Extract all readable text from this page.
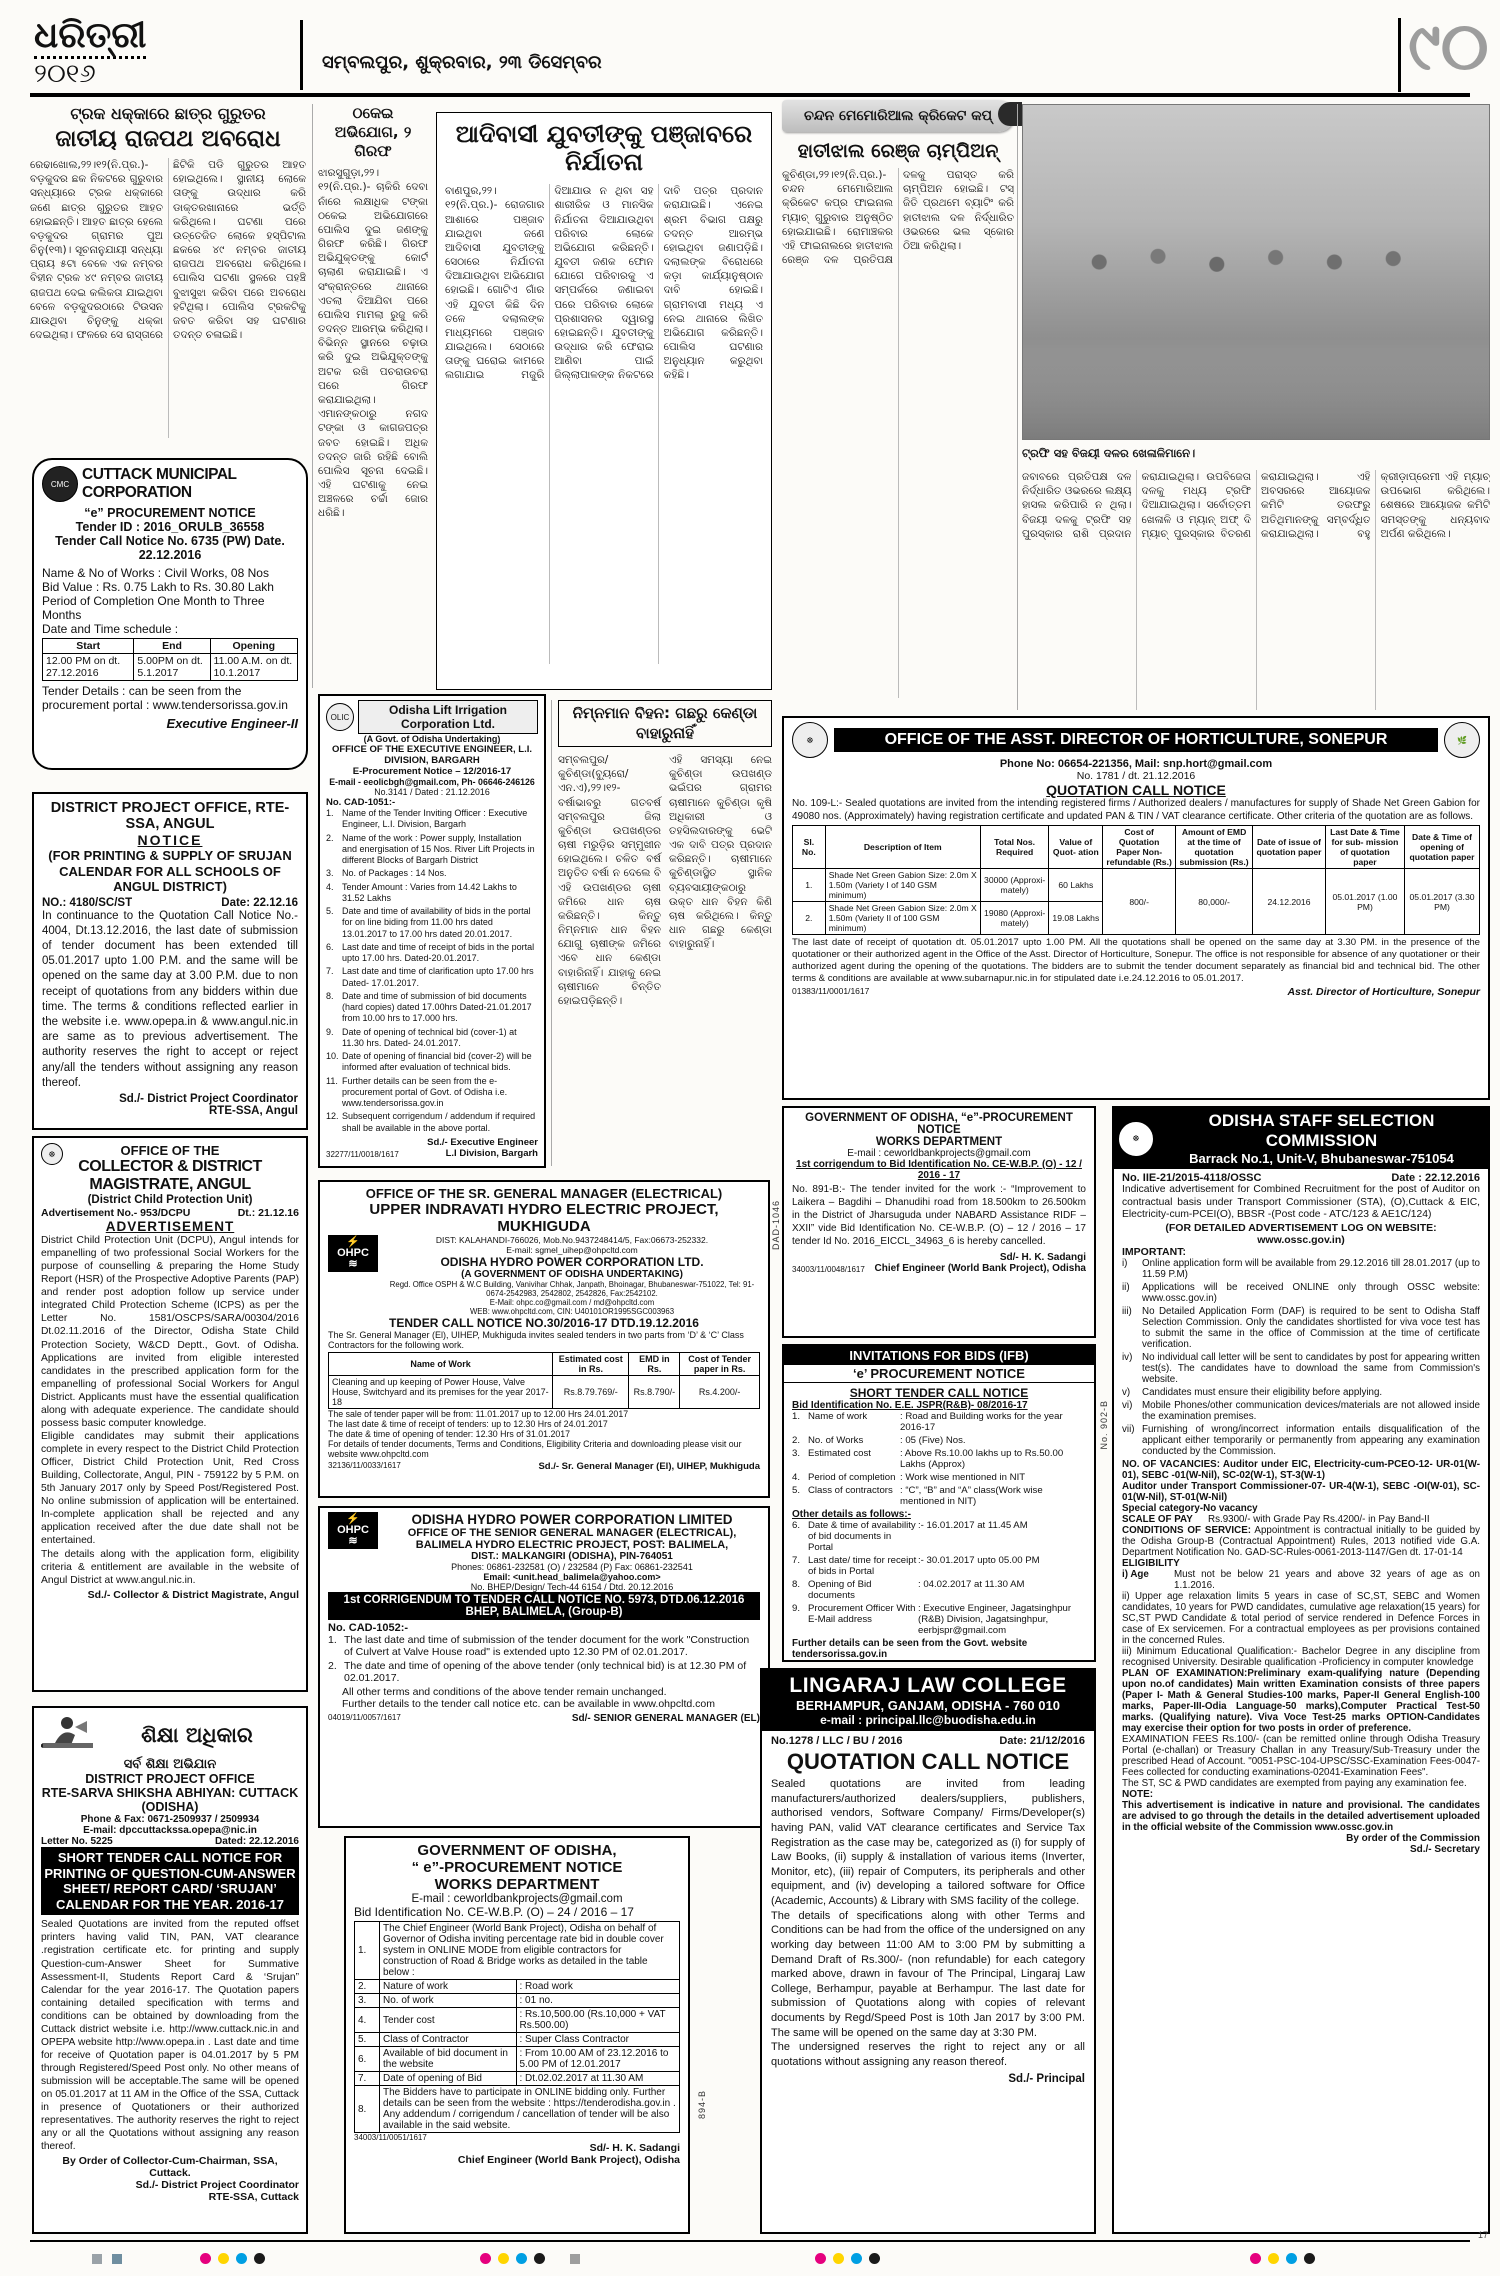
ଧରିତ୍ରୀ
୨୦୧୬	ସମ୍ବଲପୁର, ଶୁକ୍ରବାର, ୨୩ ଡିସେମ୍ବର	୯୦
ଟ୍ରକ ଧକ୍କାରେ ଛାତ୍ର ଗୁରୁତର
ଜାତୀୟ ରାଜପଥ ଅବରୋଧ
ରେଢାଖୋଲ,୨୨।୧୨(ନି.ପ୍ର.)- ବଡ଼କୁଦର ଛକ ନିକଟରେ ଗୁରୁବାର ସନ୍ଧ୍ୟାରେ ଟ୍ରକ ଧକ୍କାରେ ଜଣେ ଛାତ୍ର ଗୁରୁତର ଆହତ ହୋଇଛନ୍ତି। ଆହତ ଛାତ୍ର ହେଲେ ବଡ଼କୁଦର ଗ୍ରାମର ପୁଅ ଚିନୁ(୧୩)। ସୂଚନାନୁଯାୟୀ ସନ୍ଧ୍ୟା ପ୍ରାୟ ୫ଟା ବେଳେ ଏକ ନମ୍ବର ବିହୀନ ଟ୍ରକ ୪୯ ନମ୍ବର ଜାତୀୟ ରାଜପଥ ଦେଇ କଲିକତା ଯାଇଥିବା ବେଳେ ବଡ଼କୁଦରଠାରେ ଟିଉସନ ଯାଉଥିବା ଚିନୁଙ୍କୁ ଧକ୍କା ଦେଇଥିଲା। ଫଳରେ ସେ ରାସ୍ତାରେ ଛିଟିକି ପଡି ଗୁରୁତର ଆହତ ହୋଇଥିଲେ। ସ୍ଥାନୀୟ ଲୋକେ ତାଙ୍କୁ ଉଦ୍ଧାର କରି ଡାକ୍ତରଖାନାରେ ଭର୍ତ୍ତି କରିଥିଲେ। ଘଟଣା ପରେ ଉତ୍ତେଜିତ ଲୋକେ ହସ୍ପିଟାଲ ଛକରେ ୪୯ ନମ୍ବର ଜାତୀୟ ରାଜପଥ ଅବରୋଧ କରିଥିଲେ। ପୋଲିସ ଘଟଣା ସ୍ଥଳରେ ପହଞ୍ଚି ବୁଝାସୁଝା କରିବା ପରେ ଅବରୋଧ ହଟିଥିଲା। ପୋଲିସ ଟ୍ରକଟିକୁ ଜବତ କରିବା ସହ ଘଟଣାର ତଦନ୍ତ ଚଳାଇଛି।
ଠକେଇ ଅଭିଯୋଗ, ୨ ଗିରଫ
ଝାରସୁଗୁଡ଼ା,୨୨।୧୨(ନି.ପ୍ର.)- ଚାକିରି ଦେବା ନାଁରେ ଲକ୍ଷାଧିକ ଟଙ୍କା ଠକେଇ ଅଭିଯୋଗରେ ପୋଲିସ ଦୁଇ ଜଣଙ୍କୁ ଗିରଫ କରିଛି। ଗିରଫ ଅଭିଯୁକ୍ତଙ୍କୁ କୋର୍ଟ ଚାଲାଣ କରାଯାଇଛି। ଏ ସଂକ୍ରାନ୍ତରେ ଥାନାରେ ଏତଲା ଦିଆଯିବା ପରେ ପୋଲିସ ମାମଲା ରୁଜୁ କରି ତଦନ୍ତ ଆରମ୍ଭ କରିଥିଲା। ବିଭିନ୍ନ ସ୍ଥାନରେ ଚଢ଼ାଉ କରି ଦୁଇ ଅଭିଯୁକ୍ତଙ୍କୁ ଅଟକ ରଖି ପଚରାଉଚରା ପରେ ଗିରଫ କରାଯାଇଥିଲା। ଏମାନଙ୍କଠାରୁ ନଗଦ ଟଙ୍କା ଓ କାଗଜପତ୍ର ଜବତ ହୋଇଛି। ଅଧିକ ତଦନ୍ତ ଜାରି ରହିଛି ବୋଲି ପୋଲିସ ସୂଚନା ଦେଇଛି। ଏହି ଘଟଣାକୁ ନେଇ ଅଞ୍ଚଳରେ ଚର୍ଚ୍ଚା ଜୋର ଧରିଛି।
ଆଦିବାସୀ ଯୁବତୀଙ୍କୁ ପଞ୍ଜାବରେ ନିର୍ଯାତନା
ବାଣପୁର,୨୨।୧୨(ନି.ପ୍ର.)- ରୋଜଗାର ଆଶାରେ ପଞ୍ଜାବ ଯାଇଥିବା ଜଣେ ଆଦିବାସୀ ଯୁବତୀଙ୍କୁ ସେଠାରେ ନିର୍ଯାତନା ଦିଆଯାଉଥିବା ଅଭିଯୋଗ ହୋଇଛି। ଗୋଟିଏ ଗାଁର ଏହି ଯୁବତୀ କିଛି ଦିନ ତଳେ ଦଲାଲଙ୍କ ମାଧ୍ୟମରେ ପଞ୍ଜାବ ଯାଇଥିଲେ। ସେଠାରେ ତାଙ୍କୁ ଘରୋଇ କାମରେ ଲଗାଯାଇ ମଜୁରି ଦିଆଯାଉ ନ ଥିବା ସହ ଶାରୀରିକ ଓ ମାନସିକ ନିର୍ଯାତନା ଦିଆଯାଉଥିବା ପରିବାର ଲୋକେ ଅଭିଯୋଗ କରିଛନ୍ତି। ଯୁବତୀ ଜଣକ ଫୋନ ଯୋଗେ ପରିବାରକୁ ଏ ସମ୍ପର୍କରେ ଜଣାଇବା ପରେ ପରିବାର ଲୋକେ ପ୍ରଶାସନର ଦ୍ୱାରସ୍ଥ ହୋଇଛନ୍ତି। ଯୁବତୀଙ୍କୁ ଉଦ୍ଧାର କରି ଫେରାଇ ଆଣିବା ପାଇଁ ଜିଲ୍ଲାପାଳଙ୍କ ନିକଟରେ ଦାବି ପତ୍ର ପ୍ରଦାନ କରାଯାଇଛି। ଏନେଇ ଶ୍ରମ ବିଭାଗ ପକ୍ଷରୁ ତଦନ୍ତ ଆରମ୍ଭ ହୋଇଥିବା ଜଣାପଡ଼ିଛି। ଦଲାଲଙ୍କ ବିରୋଧରେ କଡ଼ା କାର୍ଯ୍ୟାନୁଷ୍ଠାନ ଦାବି ହୋଇଛି। ଗ୍ରାମବାସୀ ମଧ୍ୟ ଏ ନେଇ ଥାନାରେ ଲିଖିତ ଅଭିଯୋଗ କରିଛନ୍ତି। ପୋଲିସ ଘଟଣାର ଅନୁଧ୍ୟାନ କରୁଥିବା କହିଛି।
ଚନ୍ଦନ ମେମୋରିଆଲ କ୍ରିକେଟ କପ୍
ହାତୀଝାଲ ରେଞ୍ଜ ଚାମ୍ପିଅନ୍
କୁଚିଣ୍ଡା,୨୨।୧୨(ନି.ପ୍ର.)- ଚନ୍ଦନ ମେମୋରିଆଲ କ୍ରିକେଟ କପ୍‌ର ଫାଇନାଲ ମ୍ୟାଚ୍ ଗୁରୁବାର ଅନୁଷ୍ଠିତ ହୋଇଯାଇଛି। ରୋମାଞ୍ଚକର ଏହି ଫାଇନାଲରେ ହାତୀଝାଲ ରେଞ୍ଜ ଦଳ ପ୍ରତିପକ୍ଷ ଦଳକୁ ପରାସ୍ତ କରି ଚାମ୍ପିଅନ ହୋଇଛି। ଟସ୍ ଜିତି ପ୍ରଥମେ ବ୍ୟାଟିଂ କରି ହାତୀଝାଲ ଦଳ ନିର୍ଦ୍ଧାରିତ ଓଭରରେ ଭଲ ସ୍କୋର ଠିଆ କରିଥିଲା।
ଟ୍ରଫି ସହ ବିଜୟୀ ଦଳର ଖେଳାଳିମାନେ।
ଜବାବରେ ପ୍ରତିପକ୍ଷ ଦଳ ନିର୍ଦ୍ଧାରିତ ଓଭରରେ ଲକ୍ଷ୍ୟ ହାସଲ କରିପାରି ନ ଥିଲା। ବିଜୟୀ ଦଳକୁ ଟ୍ରଫି ସହ ପୁରସ୍କାର ରାଶି ପ୍ରଦାନ କରାଯାଇଥିଲା। ଉପବିଜେତା ଦଳକୁ ମଧ୍ୟ ଟ୍ରଫି ଦିଆଯାଇଥିଲା। ସର୍ବୋତ୍ତମ ଖେଳାଳି ଓ ମ୍ୟାନ୍ ଅଫ୍ ଦି ମ୍ୟାଚ୍ ପୁରସ୍କାର ବିତରଣ କରାଯାଇଥିଲା। ଏହି ଅବସରରେ ଆୟୋଜକ କମିଟି ତରଫରୁ ଅତିଥିମାନଙ୍କୁ ସମ୍ବର୍ଦ୍ଧିତ କରାଯାଇଥିଲା। ବହୁ କ୍ରୀଡ଼ାପ୍ରେମୀ ଏହି ମ୍ୟାଚ୍ ଉପଭୋଗ କରିଥିଲେ। ଶେଷରେ ଆୟୋଜକ କମିଟି ସମସ୍ତଙ୍କୁ ଧନ୍ୟବାଦ ଅର୍ପଣ କରିଥିଲେ।
ନିମ୍ନମାନ ବିହନ: ଗଛରୁ କେଣ୍ଡା ବାହାରୁନାହିଁ
ସମ୍ବଲପୁର/କୁଚିଣ୍ଡା(ବ୍ୟୁରୋ/ଏନ.ଏ),୨୨।୧୨- ବର୍ଷାଭାବରୁ ଗତବର୍ଷ ସମ୍ବଲପୁର ଜିଲା କୁଚିଣ୍ଡା ଉପଖଣ୍ଡର ଚାଷୀ ମରୁଡ଼ିର ସମ୍ମୁଖୀନ ହୋଇଥିଲେ। ଚଳିତ ବର୍ଷ ଅନୁତିତ ବର୍ଷା ନ ଦେଲେ ବି ଏହି ଉପଖଣ୍ଡର ଚାଷୀ ଜମିରେ ଧାନ ଚାଷ କରିଛନ୍ତି। କିନ୍ତୁ ନିମ୍ନମାନ ଧାନ ବିହନ ଯୋଗୁ ଚାଷୀଙ୍କ ଜମିରେ ଏବେ ଧାନ କେଣ୍ଡା ବାହାରିନାହିଁ। ଯାହାକୁ ନେଇ ଚାଷୀମାନେ ଚିନ୍ତିତ ହୋଇପଡ଼ିଛନ୍ତି।
ଏହି ସମସ୍ୟା ନେଇ କୁଚିଣ୍ଡା ଉପଖଣ୍ଡ ଭଇଁପର ଗ୍ରାମର ଚାଷୀମାନେ କୁଚିଣ୍ଡା କୃଷି ଅଧିକାରୀ ଓ ତହସିଲଦାରଙ୍କୁ ଭେଟି ଏକ ଦାବି ପତ୍ର ପ୍ରଦାନ କରିଛନ୍ତି। ଚାଷୀମାନେ କୁଚିଣ୍ଡାସ୍ଥିତ ସ୍ଥାନିକ ବ୍ୟବସାୟୀଙ୍କଠାରୁ ଉକ୍ତ ଧାନ ବିହନ କିଣି ଚାଷ କରିଥିଲେ। କିନ୍ତୁ ଧାନ ଗଛରୁ କେଣ୍ଡା ବାହାରୁନାହିଁ।
CMC
CUTTACK MUNICIPAL CORPORATION
“e” PROCUREMENT NOTICE
Tender ID : 2016_ORULB_36558
Tender Call Notice No. 6735 (PW) Date. 22.12.2016
Name & No of Works : Civil Works, 08 Nos
Bid Value : Rs. 0.75 Lakh to Rs. 30.80 Lakh
Period of Completion One Month to Three Months
Date and Time schedule :
Start	End	Opening
12.00 PM on dt. 27.12.2016	5.00PM on dt. 5.1.2017	11.00 A.M. on dt. 10.1.2017
Tender Details : can be seen from the procurement portal : www.tendersorissa.gov.in
Executive Engineer-II
DISTRICT PROJECT OFFICE, RTE-SSA, ANGUL
NOTICE
(FOR PRINTING & SUPPLY OF SRUJAN CALENDAR FOR ALL SCHOOLS OF ANGUL DISTRICT)
NO.: 4180/SC/ST	Date: 22.12.16
In continuance to the Quotation Call Notice No.- 4004, Dt.13.12.2016, the last date of submission of tender document has been extended till 05.01.2017 upto 1.00 P.M. and the same will be opened on the same day at 3.00 P.M. due to non receipt of quotations from any bidders within due time. The terms & conditions reflected earlier in the website i.e. www.opepa.in & www.angul.nic.in are same as to previous advertisement. The authority reserves the right to accept or reject any/all the tenders without assigning any reason thereof.
Sd./- District Project Coordinator
RTE-SSA, Angul
☸	OFFICE OF THE
COLLECTOR & DISTRICT MAGISTRATE, ANGUL
(District Child Protection Unit)
Advertisement No.- 953/DCPU	Dt.: 21.12.16
ADVERTISEMENT
District Child Protection Unit (DCPU), Angul intends for empanelling of two professional Social Workers for the purpose of counselling & preparing the Home Study Report (HSR) of the Prospective Adoptive Parents (PAP) and render post adoption follow up service under integrated Child Protection Scheme (ICPS) as per the Letter No. 1581/OSCPS/SARA/00304/2016 Dt.02.11.2016 of the Director, Odisha State Child Protection Society, W&CD Deptt., Govt. of Odisha. Applications are invited from eligible interested candidates in the prescribed application form for the empanelling of professional Social Workers for Angul District. Applicants must have the essential qualification along with adequate experience. The candidate should possess basic computer knowledge.
Eligible candidates may submit their applications complete in every respect to the District Child Protection Officer, District Child Protection Unit, Red Cross Building, Collectorate, Angul, PIN - 759122 by 5 P.M. on 5th January 2017 only by Speed Post/Registered Post. No online submission of application will be entertained. In-complete application shall be rejected and any application received after the due date shall not be entertained.
The details along with the application form, eligibility criteria & entitlement are available in the website of Angul District at www.angul.nic.in.
Sd./- Collector & District Magistrate, Angul
ଶିକ୍ଷା ଅଧିକାର
ସର୍ବ ଶିକ୍ଷା ଅଭିଯାନ
DISTRICT PROJECT OFFICE
RTE-SARVA SHIKSHA ABHIYAN: CUTTACK (ODISHA)
Phone & Fax: 0671-2509937 / 2509934
E-mail: dpccuttackssa.opepa@nic.in
Letter No. 5225	Dated: 22.12.2016
SHORT TENDER CALL NOTICE FOR PRINTING OF QUESTION-CUM-ANSWER SHEET/ REPORT CARD/ ‘SRUJAN’ CALENDAR FOR THE YEAR. 2016-17
Sealed Quotations are invited from the reputed offset printers having valid TIN, PAN, VAT clearance .registration certificate etc. for printing and supply Question-cum-Answer Sheet for Summative Assessment-II, Students Report Card & ‘Srujan” Calendar for the year 2016-17. The Quotation papers containing detailed specification with terms and conditions can be obtained by downloading from the Cuttack district website i.e. http://www.cuttack.nic.in and OPEPA website http://www.opepa.in . Last date and time for receive of Quotation paper is 04.01.2017 by 5 PM through Registered/Speed Post only. No other means of submission will be acceptable.The same will be opened on 05.01.2017 at 11 AM in the Office of the SSA, Cuttack in presence of Quotationers or their authorized representatives. The authority reserves the right to reject any or all the Quotations without assigning any reason thereof.
By Order of Collector-Cum-Chairman, SSA, Cuttack.
Sd./- District Project Coordinator
RTE-SSA, Cuttack
OLIC	Odisha Lift Irrigation Corporation Ltd.
(A Govt. of Odisha Undertaking)
OFFICE OF THE EXECUTIVE ENGINEER, L.I. DIVISION, BARGARH
E-Procurement Notice – 12/2016-17
E-mail - eeolicbgh@gmail.com, Ph- 06646-246126
No.3141 / Dated : 21.12.2016
No. CAD-1051:-
1. Name of the Tender Inviting Officer : Executive Engineer, L.I. Division, Bargarh
2. Name of the work : Power supply, Installation and energisation of 15 Nos. River Lift Projects in different Blocks of Bargarh District
3. No. of Packages : 14 Nos.
4. Tender Amount : Varies from 14.42 Lakhs to 31.52 Lakhs
5. Date and time of availability of bids in the portal for on line biding from 11.00 hrs dated 13.01.2017 to 17.00 hrs dated 20.01.2017.
6. Last date and time of receipt of bids in the portal upto 17.00 hrs. Dated-20.01.2017.
7. Last date and time of clarification upto 17.00 hrs Dated- 17.01.2017.
8. Date and time of submission of bid documents (hard copies) dated 17.00hrs Dated-21.01.2017 from 10.00 hrs to 17.000 hrs.
9. Date of opening of technical bid (cover-1) at 11.30 hrs. Dated- 24.01.2017.
10. Date of opening of financial bid (cover-2) will be informed after evaluation of technical bids.
11. Further details can be seen from the e-procurement portal of Govt. of Odisha i.e. www.tendersorissa.gov.in
12. Subsequent corrigendum / addendum if required shall be available in the above portal.
32277/11/0018/1617
Sd./- Executive Engineer
L.I Division, Bargarh
OFFICE OF THE SR. GENERAL MANAGER (ELECTRICAL)
UPPER INDRAVATI HYDRO ELECTRIC PROJECT, MUKHIGUDA
⚡
OHPC
≋
DIST: KALAHANDI-766026, Mob.No.9437248414/5, Fax:06673-252332.
E-mail: sgmel_uihep@ohpcltd.com
ODISHA HYDRO POWER CORPORATION LTD.
(A GOVERNMENT OF ODISHA UNDERTAKING)
Regd. Office OSPH & W.C Building, Vanivihar Chhak, Janpath, Bhoinagar, Bhubaneswar-751022, Tel: 91-0674-2542983, 2542802, 2542826, Fax:2542102.
E-Mail: ohpc.co@gmail.com / md@ohpcltd.com
WEB: www.ohpcltd.com, CIN: U40101OR1995SGC003963
TENDER CALL NOTICE NO.30/2016-17 DTD.19.12.2016
The Sr. General Manager (El), UIHEP, Mukhiguda invites sealed tenders in two parts from ‘D’ & ‘C’ Class Contractors for the following work.
Name of Work	Estimated cost in Rs.	EMD in Rs.	Cost of Tender paper in Rs.
Cleaning and up keeping of Power House, Valve House, Switchyard and its premises for the year 2017-18	Rs.8.79.769/-	Rs.8.790/-	Rs.4.200/-
The sale of tender paper will be from: 11.01.2017 up to 12.00 Hrs 24.01.2017
The last date & time of receipt of tenders: up to 12.30 Hrs of 24.01.2017
The date & time of opening of tender: 12.30 Hrs of 31.01.2017
For details of tender documents, Terms and Conditions, Eligibility Criteria and downloading please visit our website www.ohpcltd.com
32136/11/0033/1617	Sd./- Sr. General Manager (El), UIHEP, Mukhiguda
⚡
OHPC
≋
ODISHA HYDRO POWER CORPORATION LIMITED
OFFICE OF THE SENIOR GENERAL MANAGER (ELECTRICAL),
BALIMELA HYDRO ELECTRIC PROJECT, POST: BALIMELA,
DIST.: MALKANGIRI (ODISHA), PIN-764051
Phones: 06861-232581 (O) / 232584 (P) Fax: 06861-232541
Email: <unit.head_balimela@yahoo.com>
No. BHEP/Design/ Tech-44 6154 / Dtd. 20.12.2016
1st CORRIGENDUM TO TENDER CALL NOTICE NO. 5973, DTD.06.12.2016 BHEP, BALIMELA, (Group-B)
No. CAD-1052:-
1. The last date and time of submission of the tender document for the work "Construction of Culvert at Valve House road" is extended upto 12.30 PM of 02.01.2017.
2. The date and time of opening of the above tender (only technical bid) is at 12.30 PM of 02.01.2017.
All other terms and conditions of the above tender remain unchanged.
Further details to the tender call notice etc. can be available in www.ohpcltd.com
04019/11/0057/1617	Sd/- SENIOR GENERAL MANAGER (EL)
GOVERNMENT OF ODISHA,
“ e”-PROCUREMENT NOTICE
WORKS DEPARTMENT
E-mail : ceworldbankprojects@gmail.com
Bid Identification No. CE-W.B.P. (O) – 24 / 2016 – 17
1.	The Chief Engineer (World Bank Project), Odisha on behalf of Governor of Odisha inviting percentage rate bid in double cover system in ONLINE MODE from eligible contractors for construction of Road & Bridge works as detailed in the table below :	
2.	Nature of work	: Road work
3.	No. of work	: 01 no.
4.	Tender cost	: Rs.10,500.00 (Rs.10,000 + VAT Rs.500.00)
5.	Class of Contractor	: Super Class Contractor
6.	Available of bid document in the website	: From 10.00 AM of 23.12.2016 to 5.00 PM of 12.01.2017
7.	Date of opening of Bid	: Dt.02.02.2017 at 11.30 AM
8.	The Bidders have to participate in ONLINE bidding only. Further details can be seen from the website : https://tenderodisha.gov.in . Any addendum / corrigendum / cancellation of tender will be also available in the said website.	
34003/11/0051/1617
Sd/- H. K. Sadangi
Chief Engineer (World Bank Project), Odisha
☸	OFFICE OF THE ASST. DIRECTOR OF HORTICULTURE, SONEPUR	🌿
Phone No: 06654-221356, Mail: snp.hort@gmail.com
No. 1781 / dt. 21.12.2016
QUOTATION CALL NOTICE
No. 109-L:- Sealed quotations are invited from the intending registered firms / Authorized dealers / manufactures for supply of Shade Net Green Gabion for 49080 nos. (Approximately) having registration certificate and updated PAN & TIN / VAT clearance certificate. Other criteria of the quotation are as follows.
Sl. No.	Description of Item	Total Nos. Required	Value of Quot- ation	Cost of Quotation Paper Non- refundable (Rs.)	Amount of EMD at the time of quotation submission (Rs.)	Date of issue of quotation paper	Last Date & Time for sub- mission of quotation paper	Date & Time of opening of quotation paper
1.	Shade Net Green Gabion Size: 2.0m X 1.50m (Variety I of 140 GSM minimum)	30000 (Approxi- mately)	60 Lakhs	800/-	80,000/-	24.12.2016	05.01.2017 (1.00 PM)	05.01.2017 (3.30 PM)
2.	Shade Net Green Gabion Size: 2.0m X 1.50m (Variety II of 100 GSM minimum)	19080 (Approxi- mately)	19.08 Lakhs					
The last date of receipt of quotation dt. 05.01.2017 upto 1.00 PM. All the quotations shall be opened on the same day at 3.30 PM. in the presence of the quotationer or their authorized agent in the Office of the Asst. Director of Horticulture, Sonepur. The office is not responsible for absence of any quotationer or their authorized agent during the opening of the quotations. The bidders are to submit the tender document separately as financial bid and technical bid. The other terms & conditions are available at www.subarnapur.nic.in for stipulated date i.e.24.12.2016 to 05.01.2017.
01383/11/0001/1617	Asst. Director of Horticulture, Sonepur
GOVERNMENT OF ODISHA, “e”-PROCUREMENT NOTICE
WORKS DEPARTMENT
E-mail : ceworldbankprojects@gmail.com
1st corrigendum to Bid Identification No. CE-W.B.P. (O) - 12 / 2016 - 17
No. 891-B:- The tender invited for the work :- “Improvement to Laikera – Bagdihi – Dhanudihi road from 18.500km to 26.500km in the District of Jharsuguda under NABARD Assistance RIDF – XXII” vide Bid Identification No. CE-W.B.P. (O) – 12 / 2016 – 17 tender Id No. 2016_EICCL_34963_6 is hereby cancelled.
34003/11/0048/1617
Sd/- H. K. Sadangi
Chief Engineer (World Bank Project), Odisha
INVITATIONS FOR BIDS (IFB)
‘e’ PROCUREMENT NOTICE
SHORT TENDER CALL NOTICE
Bid Identification No. E.E. JSPR(R&B)- 08/2016-17
1. Name of work	: Road and Building works for the year 2016-17
2. No. of Works	: 05 (Five) Nos.
3. Estimated cost	: Above Rs.10.00 lakhs up to Rs.50.00 Lakhs (Approx)
4. Period of completion : Work wise mentioned in NIT
5. Class of contractors : “C”, “B” and “A” class(Work wise mentioned in NIT)
Other details as follows:-
6. Date & time of availability of bid documents in Portal
:- 16.01.2017 at 11.45 AM
7. Last date/ time for receipt of bids in Portal
:- 30.01.2017 upto 05.00 PM
8. Opening of Bid documents
: 04.02.2017 at 11.30 AM
9. Procurement Officer With E-Mail address
: Executive Engineer, Jagatsinghpur (R&B) Division, Jagatsinghpur, eerbjspr@gmail.com
Further details can be seen from the Govt. website tendersorissa.gov.in

LINGARAJ LAW COLLEGE
BERHAMPUR, GANJAM, ODISHA - 760 010
e-mail : principal.llc@buodisha.edu.in
No.1278 / LLC / BU / 2016	Date: 21/12/2016
QUOTATION CALL NOTICE
Sealed quotations are invited from leading manufacturers/authorized dealers/suppliers, publishers, authorised vendors, Software Company/ Firms/Developer(s) having PAN, valid VAT clearance certificates and Service Tax Registration as the case may be, categorized as (i) for supply of Law Books, (ii) supply & installation of various items (Inverter, Monitor, etc), (iii) repair of Computers, its peripherals and other equipment, and (iv) developing a tailored software for Office (Academic, Accounts) & Library with SMS facility of the college.
The details of specifications along with other Terms and Conditions can be had from the office of the undersigned on any working day between 11:00 AM to 3:00 PM by submitting a Demand Draft of Rs.300/- (non refundable) for each category marked above, drawn in favour of The Principal, Lingaraj Law College, Berhampur, payable at Berhampur. The last date for submission of Quotations along with copies of relevant documents by Regd/Speed Post is 10th Jan 2017 by 3:00 PM. The same will be opened on the same day at 3:30 PM.
The undersigned reserves the right to reject any or all quotations without assigning any reason thereof.
Sd./- Principal
☸
ODISHA STAFF SELECTION COMMISSION
Barrack No.1, Unit-V, Bhubaneswar-751054
No. IIE-21/2015-4118/OSSC	Date : 22.12.2016
Indicative advertisement for Combined Recruitment for the post of Auditor on contractual basis under Transport Commissioner (STA), (O),Cuttack & EIC, Electricity-cum-PCEI(O), BBSR -(Post code - ATC/123 & AE1C/124)
(FOR DETAILED ADVERTISEMENT LOG ON WEBSITE: www.ossc.gov.in)
IMPORTANT:
i)	Online application form will be available from 29.12.2016 till 28.01.2017 (up to 11.59 P.M)
ii)	Applications will be received ONLINE only through OSSC website: www.ossc.gov.in)
iii)	No Detailed Application Form (DAF) is required to be sent to Odisha Staff Selection Commission. Only the candidates shortlisted for viva voce test has to submit the same in the office of Commission at the time of certificate verification.
iv) No individual call letter will be sent to candidates by post for appearing written test(s). The candidates have to download the same from Commission's website.
v)	Candidates must ensure their eligibility before applying.
vi) Mobile Phones/other communication devices/materials are not allowed inside the examination premises.
vii) Furnishing of wrong/incorrect information entails disqualification of the applicant either temporarily or permanently from appearing any examination conducted by the Commission.
NO. OF VACANCIES: Auditor under EIC, Electricity-cum-PCEO-12- UR-01(W-01), SEBC -01(W-Nil), SC-02(W-1), ST-3(W-1)
Auditor under Transport Commissioner-07- UR-4(W-1), SEBC -OI(W-01), SC-01(W-Nil), ST-01(W-Nil)
Special category-No vacancy
SCALE OF PAY	Rs.9300/- with Grade Pay Rs.4200/- in Pay Band-II
CONDITIONS OF SERVICE: Appointment is contractual initially to be guided by the Odisha Group-B (Contractual Appointment) Rules, 2013 notified vide G.A. Department Notification No. GAD-SC-Rules-0061-2013-1147/Gen dt. 17-01-14
ELIGIBILITY
i) Age	Must not be below 21 years and above 32 years of age as on 1.1.2016.
ii) Upper age relaxation limits 5 years in case of SC,ST, SEBC and Women candidates, 10 years for PWD candidates, cumulative age relaxation(15 years) for SC,ST PWD Candidate & total period of service rendered in Defence Forces in case of Ex servicemen. For a contractual employees as per provisions contained in the concerned Rules.
iii) Minimum Educational Qualification:- Bachelor Degree in any discipline from recognised University. Desirable qualification -Proficiency in computer knowledge
PLAN OF EXAMINATION:Preliminary exam-qualifying nature (Depending upon no.of candidates) Main written Examination consists of three papers (Paper I- Math & General Studies-100 marks, Paper-II General English-100 marks, Paper-III-Odia Language-50 marks),Computer Practical Test-50 marks. (Qualifying nature). Viva Voce Test-25 marks OPTION-Candidates may exercise their option for two posts in order of preference.
EXAMINATION FEES Rs.100/- (can be remitted online through Odisha Treasury Portal (e-challan) or Treasury Challan in any Treasury/Sub-Treasury under the prescribed Head of Account. "0051-PSC-104-UPSC/SSC-Examination Fees-0047-Fees collected for conducting examinations-02041-Examination Fees".
The ST, SC & PWD candidates are exempted from paying any examination fee.
NOTE:
This advertisement is indicative in nature and provisional. The candidates are advised to go through the details in the detailed advertisement uploaded in the official website of the Commission www.ossc.gov.in
By order of the Commission
Sd./- Secretary
DAD-1046
894-B
No. 902-B

17
